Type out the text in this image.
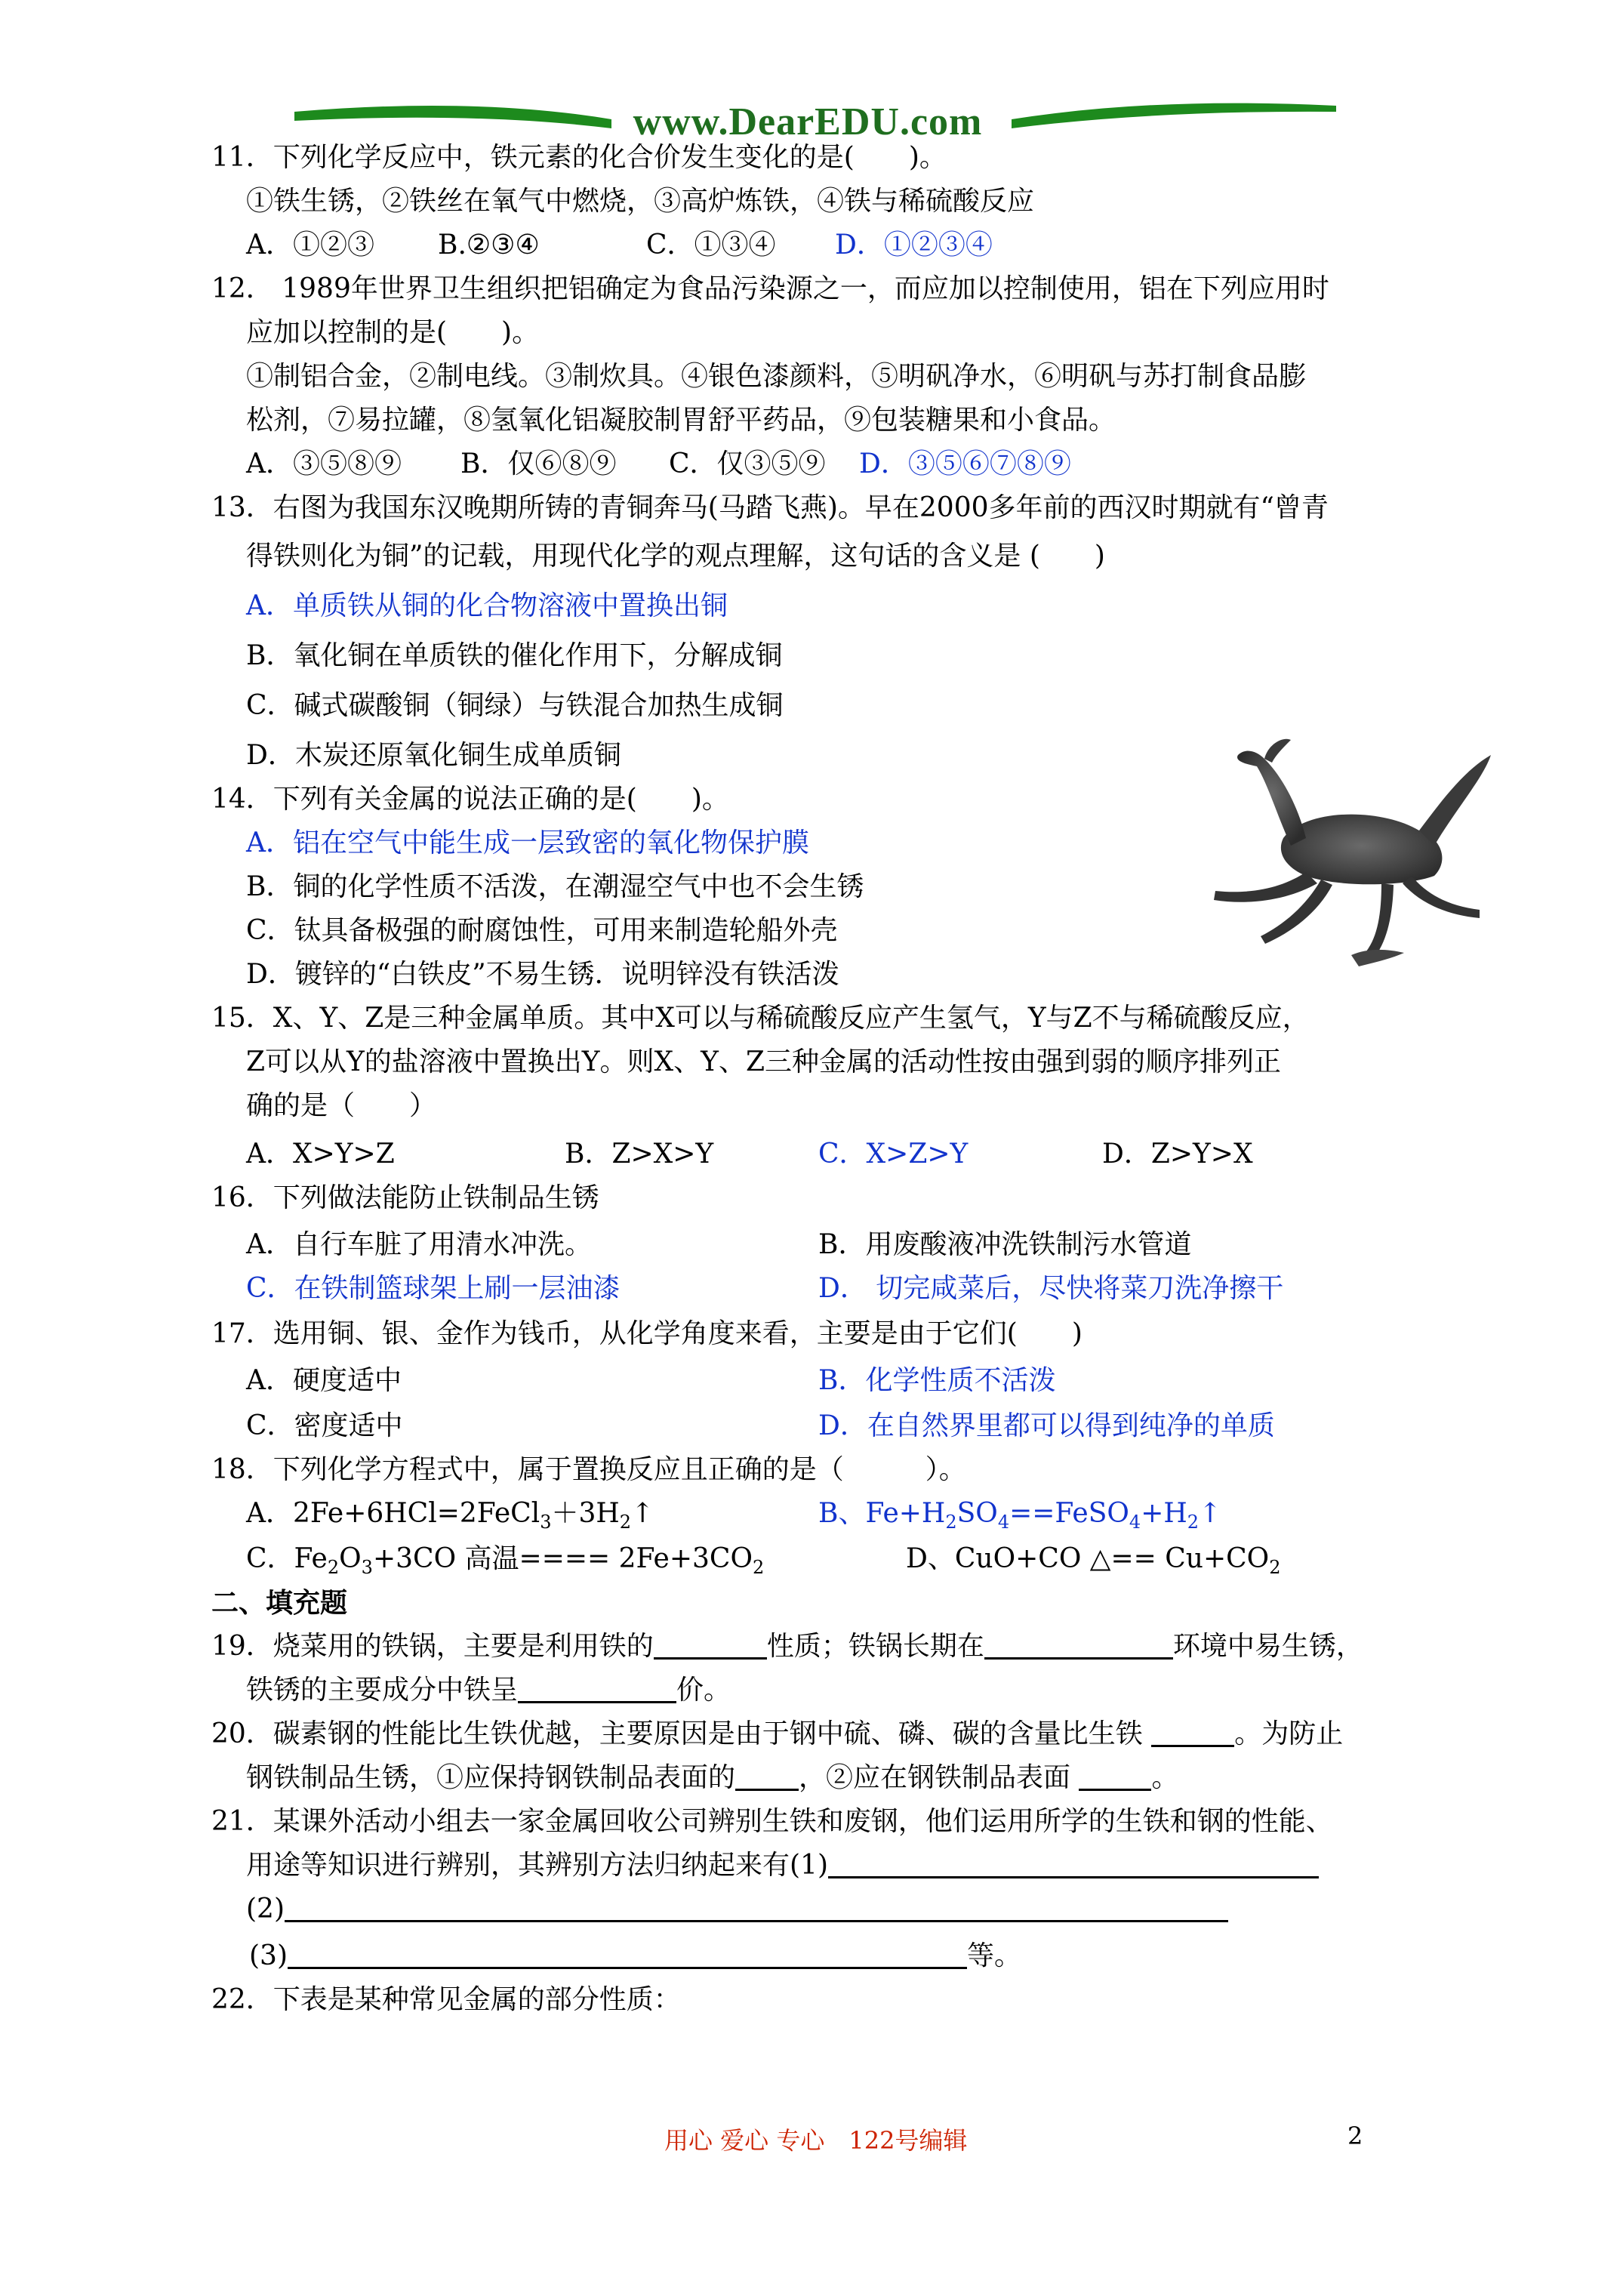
www.DearEDU.com
11．下列化学反应中，铁元素的化合价发生变化的是(　　)。
①铁生锈，②铁丝在氧气中燃烧，③高炉炼铁，④铁与稀硫酸反应
A．①②③ B.②③④	C．①③④ D．①②③④
12． 1989年世界卫生组织把铝确定为食品污染源之一，而应加以控制使用，铝在下列应用时
应加以控制的是(　　)。
①制铝合金，②制电线。③制炊具。④银色漆颜料，⑤明矾净水，⑥明矾与苏打制食品膨
松剂，⑦易拉罐，⑧氢氧化铝凝胶制胃舒平药品，⑨包装糖果和小食品。
A．③⑤⑧⑨ B．仅⑥⑧⑨ C．仅③⑤⑨ D．③⑤⑥⑦⑧⑨
13．右图为我国东汉晚期所铸的青铜奔马(马踏飞燕)。早在2000多年前的西汉时期就有“曾青
得铁则化为铜”的记载，用现代化学的观点理解，这句话的含义是 (　　)
A．单质铁从铜的化合物溶液中置换出铜
B．氧化铜在单质铁的催化作用下，分解成铜
C．碱式碳酸铜（铜绿）与铁混合加热生成铜
D．木炭还原氧化铜生成单质铜
14．下列有关金属的说法正确的是(　　)。
A．铝在空气中能生成一层致密的氧化物保护膜
B．铜的化学性质不活泼，在潮湿空气中也不会生锈
C．钛具备极强的耐腐蚀性，可用来制造轮船外壳
D．镀锌的“白铁皮”不易生锈．说明锌没有铁活泼
15．X、Y、Z是三种金属单质。其中X可以与稀硫酸反应产生氢气，Y与Z不与稀硫酸反应，
Z可以从Y的盐溶液中置换出Y。则X、Y、Z三种金属的活动性按由强到弱的顺序排列正
确的是（　　）
A．X>Y>Z	B．Z>X>Y	C．X>Z>Y	D．Z>Y>X
16．下列做法能防止铁制品生锈
A．自行车脏了用清水冲洗。	B．用废酸液冲洗铁制污水管道
C．在铁制篮球架上刷一层油漆	D． 切完咸菜后，尽快将菜刀洗净擦干
17．选用铜、银、金作为钱币，从化学角度来看，主要是由于它们(　　)
A．硬度适中	B．化学性质不活泼
C．密度适中	D．在自然界里都可以得到纯净的单质
18．下列化学方程式中，属于置换反应且正确的是（　　　）。
A．$2Fe+6HCl=2FeCl_3+3H_2↑$	B、$Fe+H_2SO_4==FeSO_4+H_2↑$
C．$Fe_2O_3+3CO$ 高温==== $2Fe+3CO_2$	D、CuO+CO △== $Cu+CO_2$
二、填充题
19．烧菜用的铁锅，主要是利用铁的	性质；铁锅长期在	环境中易生锈，
铁锈的主要成分中铁呈	价。
20．碳素钢的性能比生铁优越，主要原因是由于钢中硫、磷、碳的含量比生铁	。为防止
钢铁制品生锈，①应保持钢铁制品表面的 ，②应在钢铁制品表面	。
21．某课外活动小组去一家金属回收公司辨别生铁和废钢，他们运用所学的生铁和钢的性能、
用途等知识进行辨别，其辨别方法归纳起来有(1)
(2)
(3)	等。
22．下表是某种常见金属的部分性质：
用心 爱心 专心　122号编辑	2
